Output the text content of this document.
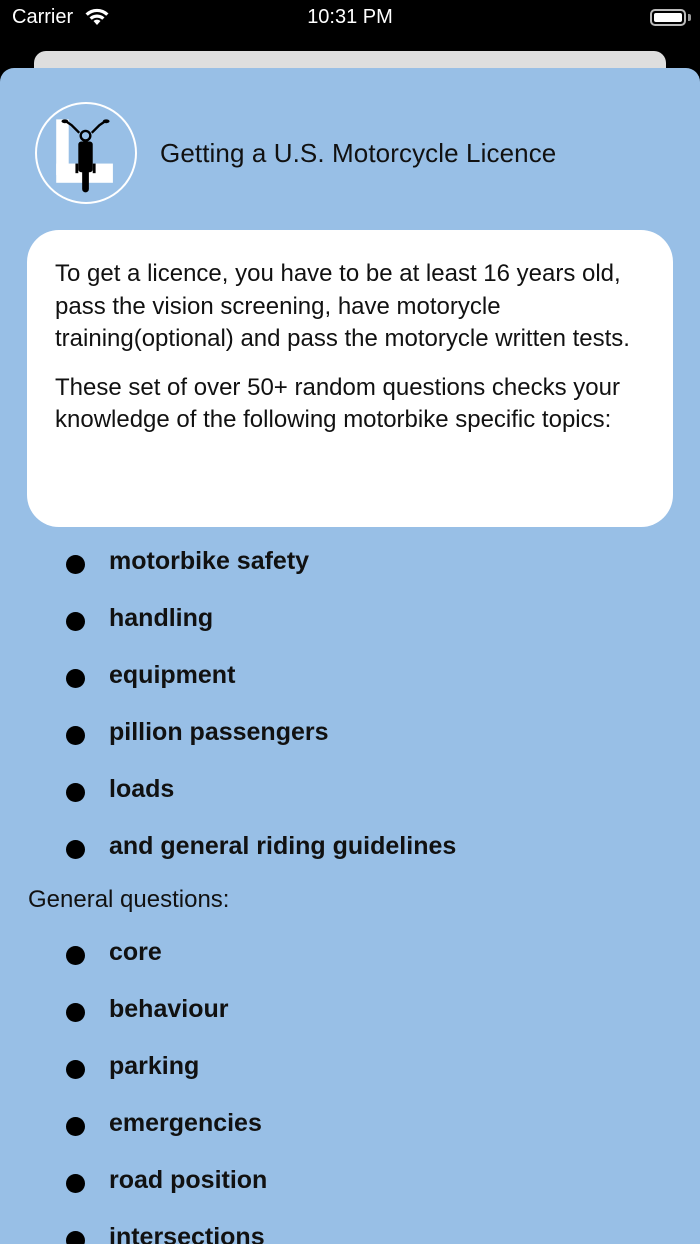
Carrier	10:31 PM
Getting a U.S. Motorcycle Licence

To get a licence, you have to be at least 16 years old, pass the vision screening, have motorycle training(optional) and pass the motorycle written tests.

These set of over 50+ random questions checks your knowledge of the following motorbike specific topics:

motorbike safety
handling
equipment
pillion passengers
loads
and general riding guidelines
General questions:
core
behaviour
parking
emergencies
road position
intersections
